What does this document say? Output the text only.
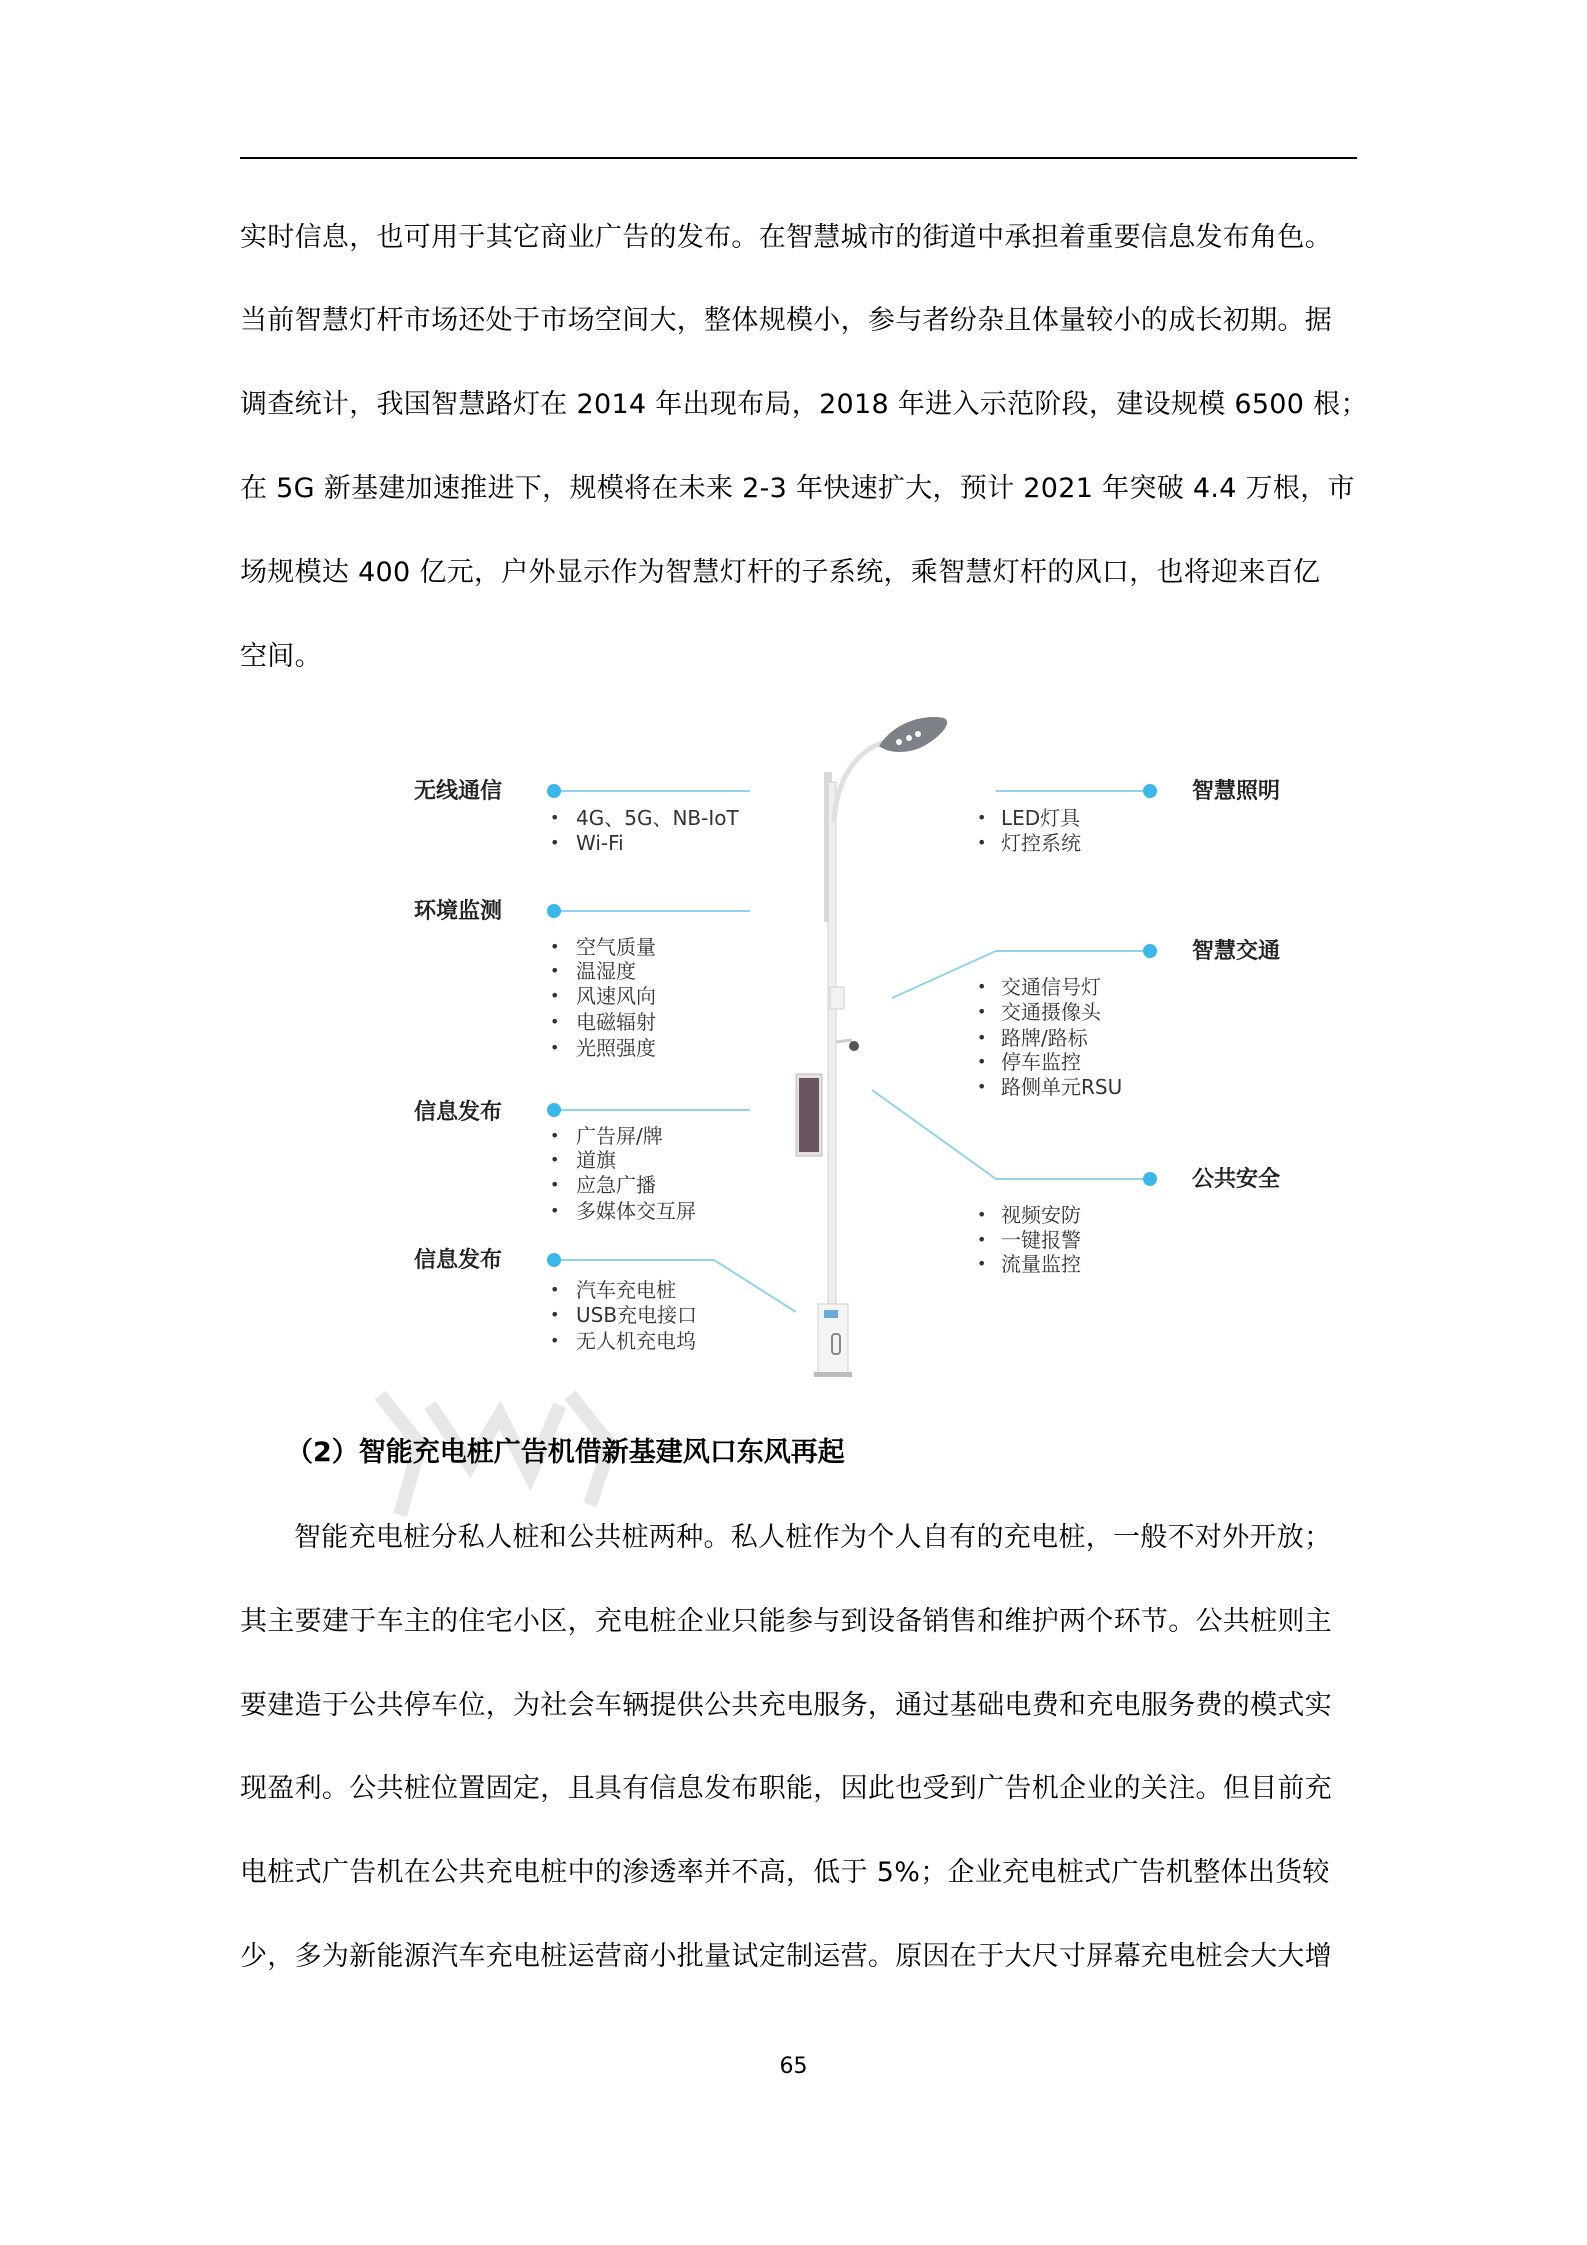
实时信息，也可用于其它商业广告的发布。在智慧城市的街道中承担着重要信息发布角色。
当前智慧灯杆市场还处于市场空间大，整体规模小，参与者纷杂且体量较小的成长初期。据
调查统计，我国智慧路灯在 2014 年出现布局，2018 年进入示范阶段，建设规模 6500 根；
在 5G 新基建加速推进下，规模将在未来 2-3 年快速扩大，预计 2021 年突破 4.4 万根，市
场规模达 400 亿元，户外显示作为智慧灯杆的子系统，乘智慧灯杆的风口，也将迎来百亿
空间。
无线通信
• 4G、5G、NB-IoT
• Wi-Fi
环境监测
• 空气质量
• 温湿度
• 风速风向
• 电磁辐射
• 光照强度
信息发布
• 广告屏/牌
• 道旗
• 应急广播
• 多媒体交互屏
信息发布
• 汽车充电桩
• USB充电接口
• 无人机充电坞
智慧照明
• LED灯具
• 灯控系统
智慧交通
• 交通信号灯
• 交通摄像头
• 路牌/路标
• 停车监控
• 路侧单元RSU
公共安全
• 视频安防
• 一键报警
• 流量监控
（2）智能充电桩广告机借新基建风口东风再起
智能充电桩分私人桩和公共桩两种。私人桩作为个人自有的充电桩，一般不对外开放；
其主要建于车主的住宅小区，充电桩企业只能参与到设备销售和维护两个环节。公共桩则主
要建造于公共停车位，为社会车辆提供公共充电服务，通过基础电费和充电服务费的模式实
现盈利。公共桩位置固定，且具有信息发布职能，因此也受到广告机企业的关注。但目前充
电桩式广告机在公共充电桩中的渗透率并不高，低于 5%；企业充电桩式广告机整体出货较
少，多为新能源汽车充电桩运营商小批量试定制运营。原因在于大尺寸屏幕充电桩会大大增
65
